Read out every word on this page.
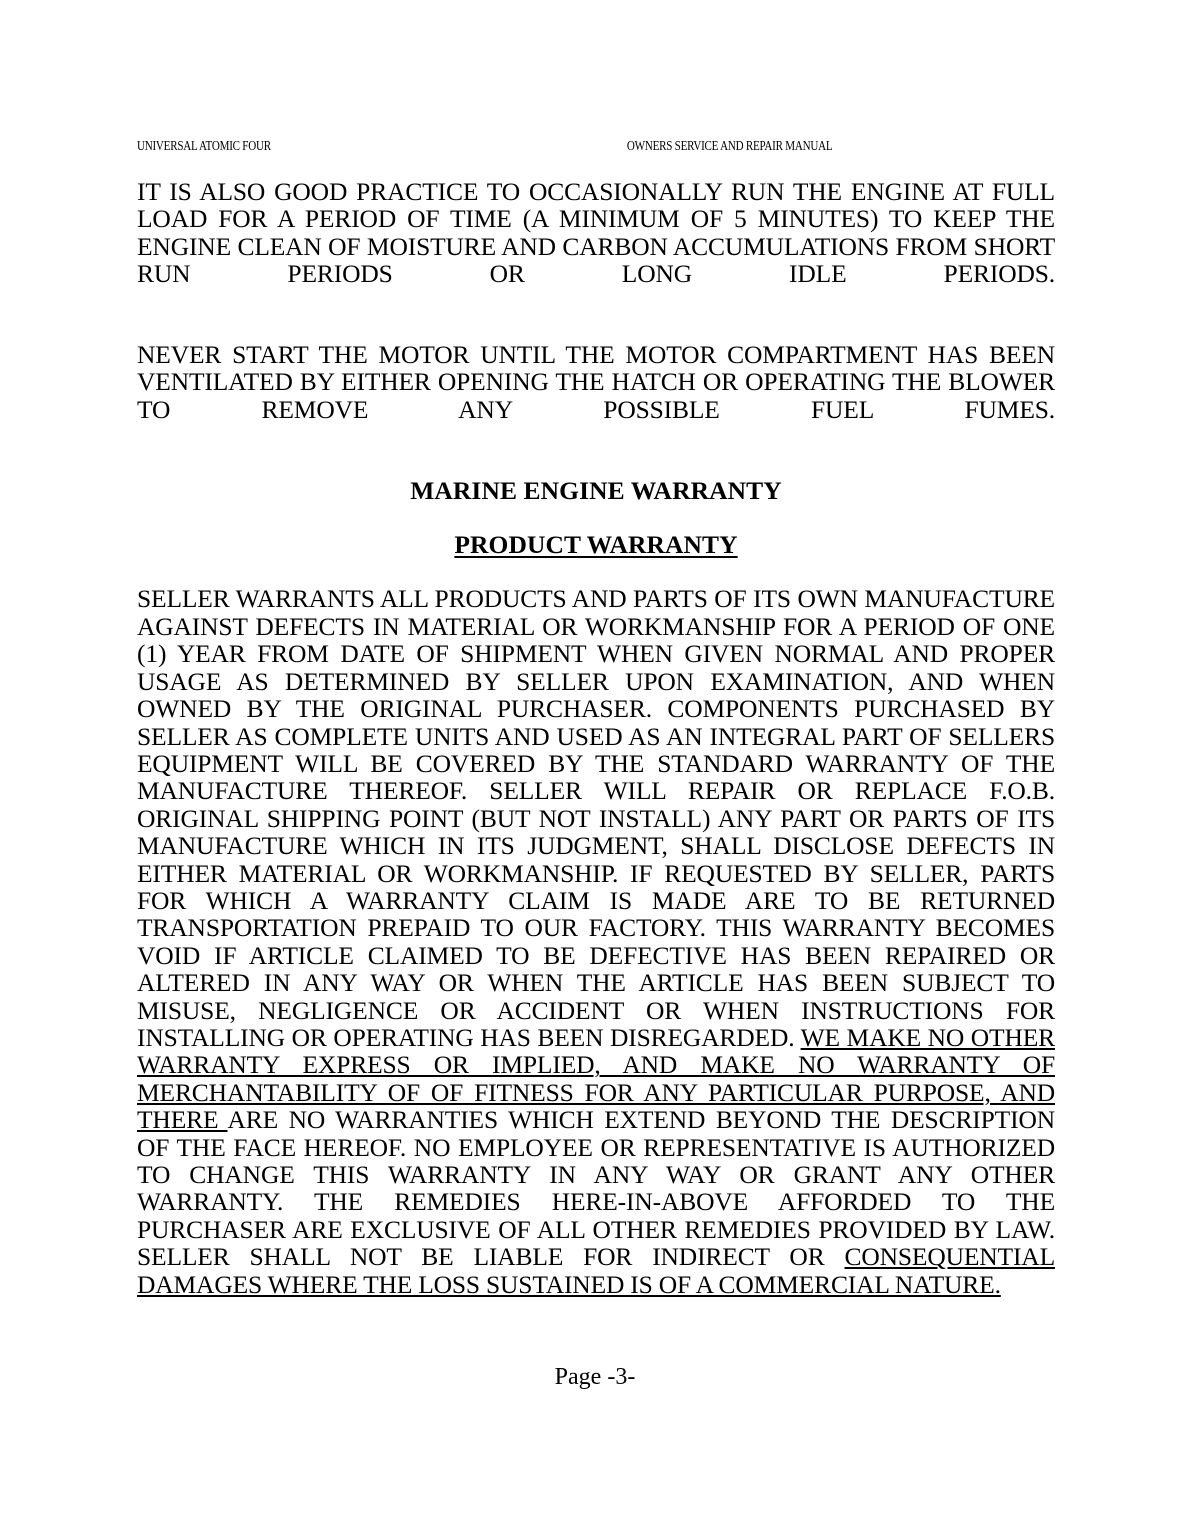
UNIVERSAL ATOMIC FOUR	OWNERS SERVICE AND REPAIR MANUAL

IT IS ALSO GOOD PRACTICE TO OCCASIONALLY RUN THE ENGINE AT FULL LOAD FOR A PERIOD OF TIME (A MINIMUM OF 5 MINUTES) TO KEEP THE ENGINE CLEAN OF MOISTURE AND CARBON ACCUMULATIONS FROM SHORT RUN PERIODS OR LONG IDLE PERIODS.

NEVER START THE MOTOR UNTIL THE MOTOR COMPARTMENT HAS BEEN VENTILATED BY EITHER OPENING THE HATCH OR OPERATING THE BLOWER TO REMOVE ANY POSSIBLE FUEL FUMES.

MARINE ENGINE WARRANTY
PRODUCT WARRANTY

SELLER WARRANTS ALL PRODUCTS AND PARTS OF ITS OWN MANUFACTURE AGAINST DEFECTS IN MATERIAL OR WORKMANSHIP FOR A PERIOD OF ONE (1) YEAR FROM DATE OF SHIPMENT WHEN GIVEN NORMAL AND PROPER USAGE AS DETERMINED BY SELLER UPON EXAMINATION, AND WHEN OWNED BY THE ORIGINAL PURCHASER. COMPONENTS PURCHASED BY SELLER AS COMPLETE UNITS AND USED AS AN INTEGRAL PART OF SELLERS EQUIPMENT WILL BE COVERED BY THE STANDARD WARRANTY OF THE MANUFACTURE THEREOF. SELLER WILL REPAIR OR REPLACE F.O.B. ORIGINAL SHIPPING POINT (BUT NOT INSTALL) ANY PART OR PARTS OF ITS MANUFACTURE WHICH IN ITS JUDGMENT, SHALL DISCLOSE DEFECTS IN EITHER MATERIAL OR WORKMANSHIP. IF REQUESTED BY SELLER, PARTS FOR WHICH A WARRANTY CLAIM IS MADE ARE TO BE RETURNED TRANSPORTATION PREPAID TO OUR FACTORY. THIS WARRANTY BECOMES VOID IF ARTICLE CLAIMED TO BE DEFECTIVE HAS BEEN REPAIRED OR ALTERED IN ANY WAY OR WHEN THE ARTICLE HAS BEEN SUBJECT TO MISUSE, NEGLIGENCE OR ACCIDENT OR WHEN INSTRUCTIONS FOR INSTALLING OR OPERATING HAS BEEN DISREGARDED. WE MAKE NO OTHER WARRANTY EXPRESS OR IMPLIED, AND MAKE NO WARRANTY OF MERCHANTABILITY OF OF FITNESS FOR ANY PARTICULAR PURPOSE, AND THERE ARE NO WARRANTIES WHICH EXTEND BEYOND THE DESCRIPTION OF THE FACE HEREOF. NO EMPLOYEE OR REPRESENTATIVE IS AUTHORIZED TO CHANGE THIS WARRANTY IN ANY WAY OR GRANT ANY OTHER WARRANTY. THE REMEDIES HERE-IN-ABOVE AFFORDED TO THE PURCHASER ARE EXCLUSIVE OF ALL OTHER REMEDIES PROVIDED BY LAW. SELLER SHALL NOT BE LIABLE FOR INDIRECT OR CONSEQUENTIAL DAMAGES WHERE THE LOSS SUSTAINED IS OF A COMMERCIAL NATURE.

Page -3-
